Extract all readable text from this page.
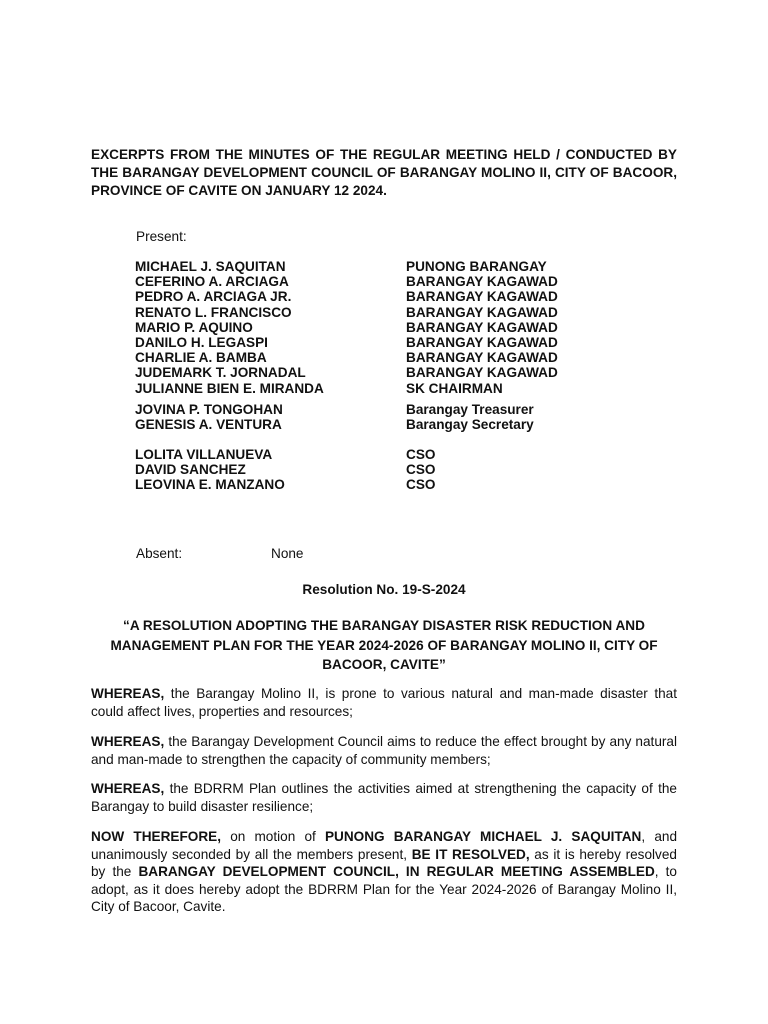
EXCERPTS FROM THE MINUTES OF THE REGULAR MEETING HELD / CONDUCTED BY THE BARANGAY DEVELOPMENT COUNCIL OF BARANGAY MOLINO II, CITY OF BACOOR, PROVINCE OF CAVITE ON JANUARY 12 2024.
Present:
MICHAEL J. SAQUITAN	PUNONG BARANGAY
CEFERINO A. ARCIAGA	BARANGAY KAGAWAD
PEDRO A. ARCIAGA JR.	BARANGAY KAGAWAD
RENATO L. FRANCISCO	BARANGAY KAGAWAD
MARIO P. AQUINO	BARANGAY KAGAWAD
DANILO H. LEGASPI	BARANGAY KAGAWAD
CHARLIE A. BAMBA	BARANGAY KAGAWAD
JUDEMARK T. JORNADAL	BARANGAY KAGAWAD
JULIANNE BIEN E. MIRANDA	SK CHAIRMAN
JOVINA P. TONGOHAN	Barangay Treasurer
GENESIS A. VENTURA	Barangay Secretary
LOLITA VILLANUEVA	CSO
DAVID SANCHEZ	CSO
LEOVINA E. MANZANO	CSO
Absent:	None
Resolution No. 19-S-2024
“A RESOLUTION ADOPTING THE BARANGAY DISASTER RISK REDUCTION AND MANAGEMENT PLAN FOR THE YEAR 2024-2026 OF BARANGAY MOLINO II, CITY OF BACOOR, CAVITE”

WHEREAS, the Barangay Molino II, is prone to various natural and man-made disaster that could affect lives, properties and resources;

WHEREAS, the Barangay Development Council aims to reduce the effect brought by any natural and man-made to strengthen the capacity of community members;

WHEREAS, the BDRRM Plan outlines the activities aimed at strengthening the capacity of the Barangay to build disaster resilience;

NOW THEREFORE, on motion of PUNONG BARANGAY MICHAEL J. SAQUITAN, and unanimously seconded by all the members present, BE IT RESOLVED, as it is hereby resolved by the BARANGAY DEVELOPMENT COUNCIL, IN REGULAR MEETING ASSEMBLED, to adopt, as it does hereby adopt the BDRRM Plan for the Year 2024-2026 of Barangay Molino II, City of Bacoor, Cavite.
